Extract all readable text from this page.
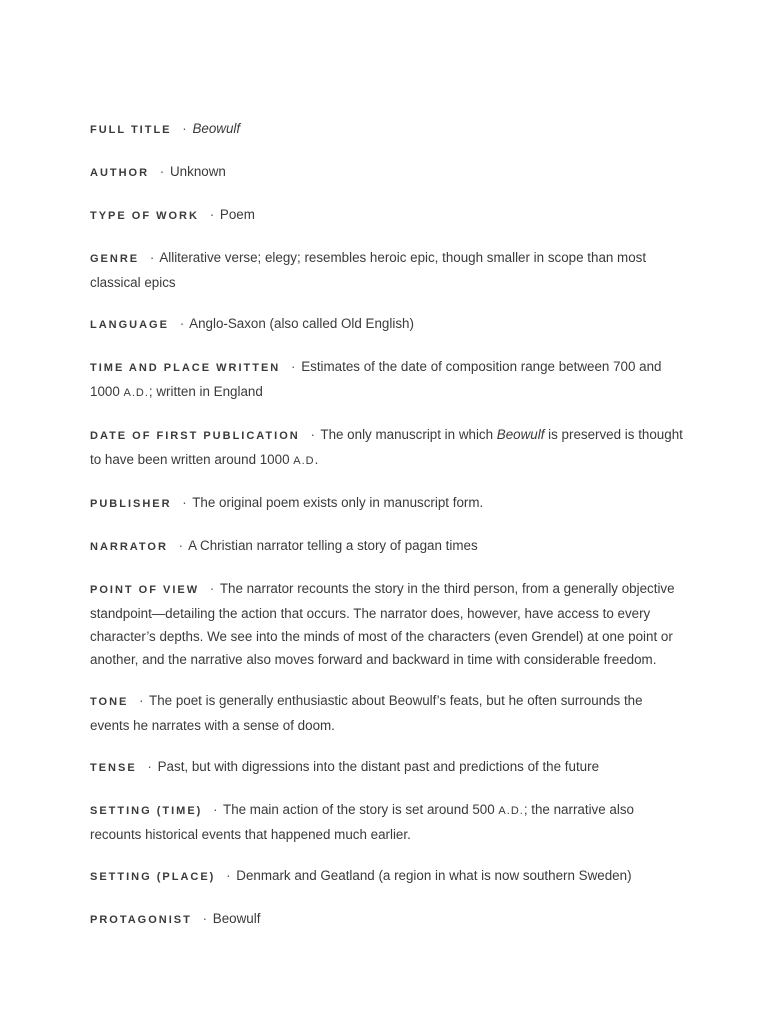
FULL TITLE · Beowulf
AUTHOR · Unknown
TYPE OF WORK · Poem
GENRE · Alliterative verse; elegy; resembles heroic epic, though smaller in scope than most classical epics
LANGUAGE · Anglo-Saxon (also called Old English)
TIME AND PLACE WRITTEN · Estimates of the date of composition range between 700 and 1000 A.D.; written in England
DATE OF FIRST PUBLICATION · The only manuscript in which Beowulf is preserved is thought to have been written around 1000 A.D.
PUBLISHER · The original poem exists only in manuscript form.
NARRATOR · A Christian narrator telling a story of pagan times
POINT OF VIEW · The narrator recounts the story in the third person, from a generally objective standpoint—detailing the action that occurs. The narrator does, however, have access to every character’s depths. We see into the minds of most of the characters (even Grendel) at one point or another, and the narrative also moves forward and backward in time with considerable freedom.
TONE · The poet is generally enthusiastic about Beowulf’s feats, but he often surrounds the events he narrates with a sense of doom.
TENSE · Past, but with digressions into the distant past and predictions of the future
SETTING (TIME) · The main action of the story is set around 500 A.D.; the narrative also recounts historical events that happened much earlier.
SETTING (PLACE) · Denmark and Geatland (a region in what is now southern Sweden)
PROTAGONIST · Beowulf
